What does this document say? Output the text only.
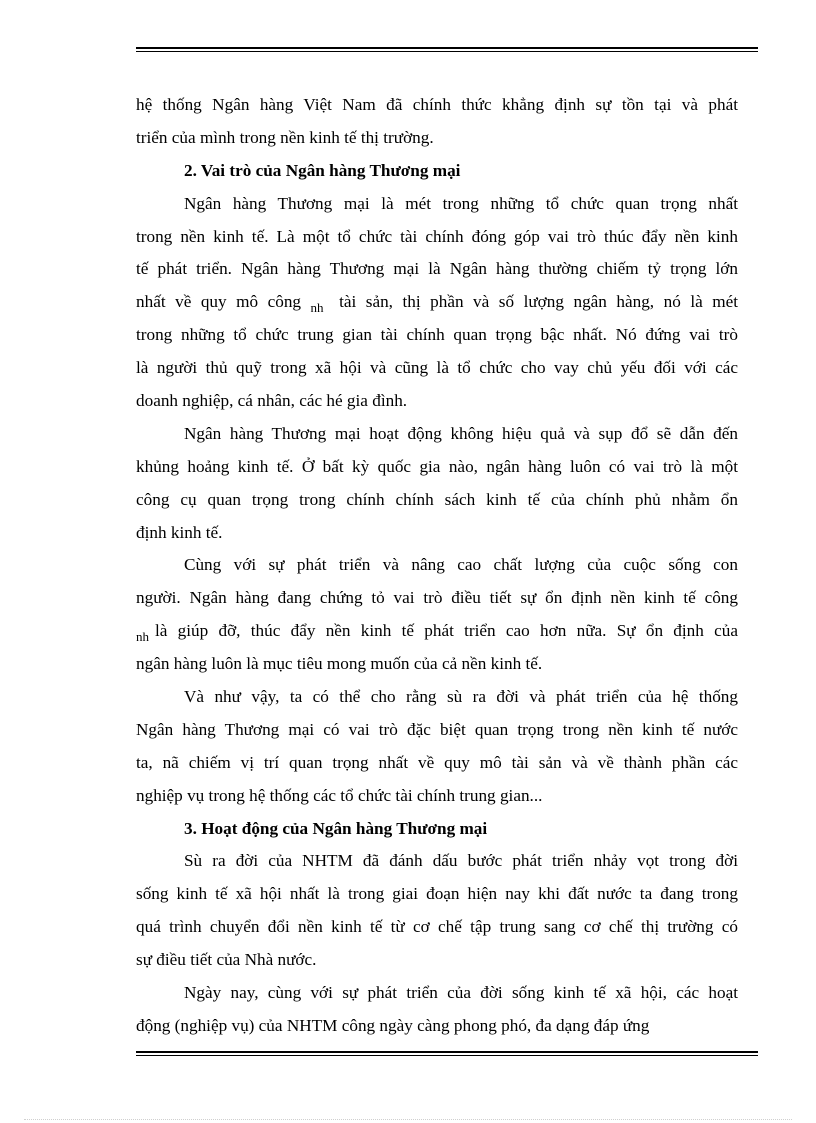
hệ thống Ngân hàng Việt Nam đã chính thức khẳng định sự tồn tại và phát
triển của mình trong nền kinh tế thị trường.
2. Vai trò của Ngân hàng Thương mại
Ngân hàng Thương mại là mét trong những tổ chức quan trọng nhất
trong nền kinh tế. Là một tổ chức tài chính đóng góp vai trò thúc đẩy nền kinh
tế phát triển. Ngân hàng Thương mại là Ngân hàng thường chiếm tỷ trọng lớn
nhất về quy mô công $_{nh}$ tài sản, thị phần và số lượng ngân hàng, nó là mét
trong những tổ chức trung gian tài chính quan trọng bậc nhất. Nó đứng vai trò
là người thủ quỹ trong xã hội và cũng là tổ chức cho vay chủ yếu đối với các
doanh nghiệp, cá nhân, các hé gia đình.
Ngân hàng Thương mại hoạt động không hiệu quả và sụp đổ sẽ dẫn đến
khủng hoảng kinh tế. Ở bất kỳ quốc gia nào, ngân hàng luôn có vai trò là một
công cụ quan trọng trong chính chính sách kinh tế của chính phủ nhằm ổn
định kinh tế.
Cùng với sự phát triển và nâng cao chất lượng của cuộc sống con
người. Ngân hàng đang chứng tỏ vai trò điều tiết sự ổn định nền kinh tế công
$_{nh}$ là giúp đỡ, thúc đẩy nền kinh tế phát triển cao hơn nữa. Sự ổn định của
ngân hàng luôn là mục tiêu mong muốn của cả nền kinh tế.
Và như vậy, ta có thể cho rằng sù ra đời và phát triển của hệ thống
Ngân hàng Thương mại có vai trò đặc biệt quan trọng trong nền kinh tế nước
ta, nã chiếm vị trí quan trọng nhất về quy mô tài sản và về thành phần các
nghiệp vụ trong hệ thống các tổ chức tài chính trung gian...
3. Hoạt động của Ngân hàng Thương mại
Sù ra đời của NHTM đã đánh dấu bước phát triển nhảy vọt trong đời
sống kinh tế xã hội nhất là trong giai đoạn hiện nay khi đất nước ta đang trong
quá trình chuyển đổi nền kinh tế từ cơ chế tập trung sang cơ chế thị trường có
sự điều tiết của Nhà nước.
Ngày nay, cùng với sự phát triển của đời sống kinh tế xã hội, các hoạt
động (nghiệp vụ) của NHTM công ngày càng phong phó, đa dạng đáp ứng
